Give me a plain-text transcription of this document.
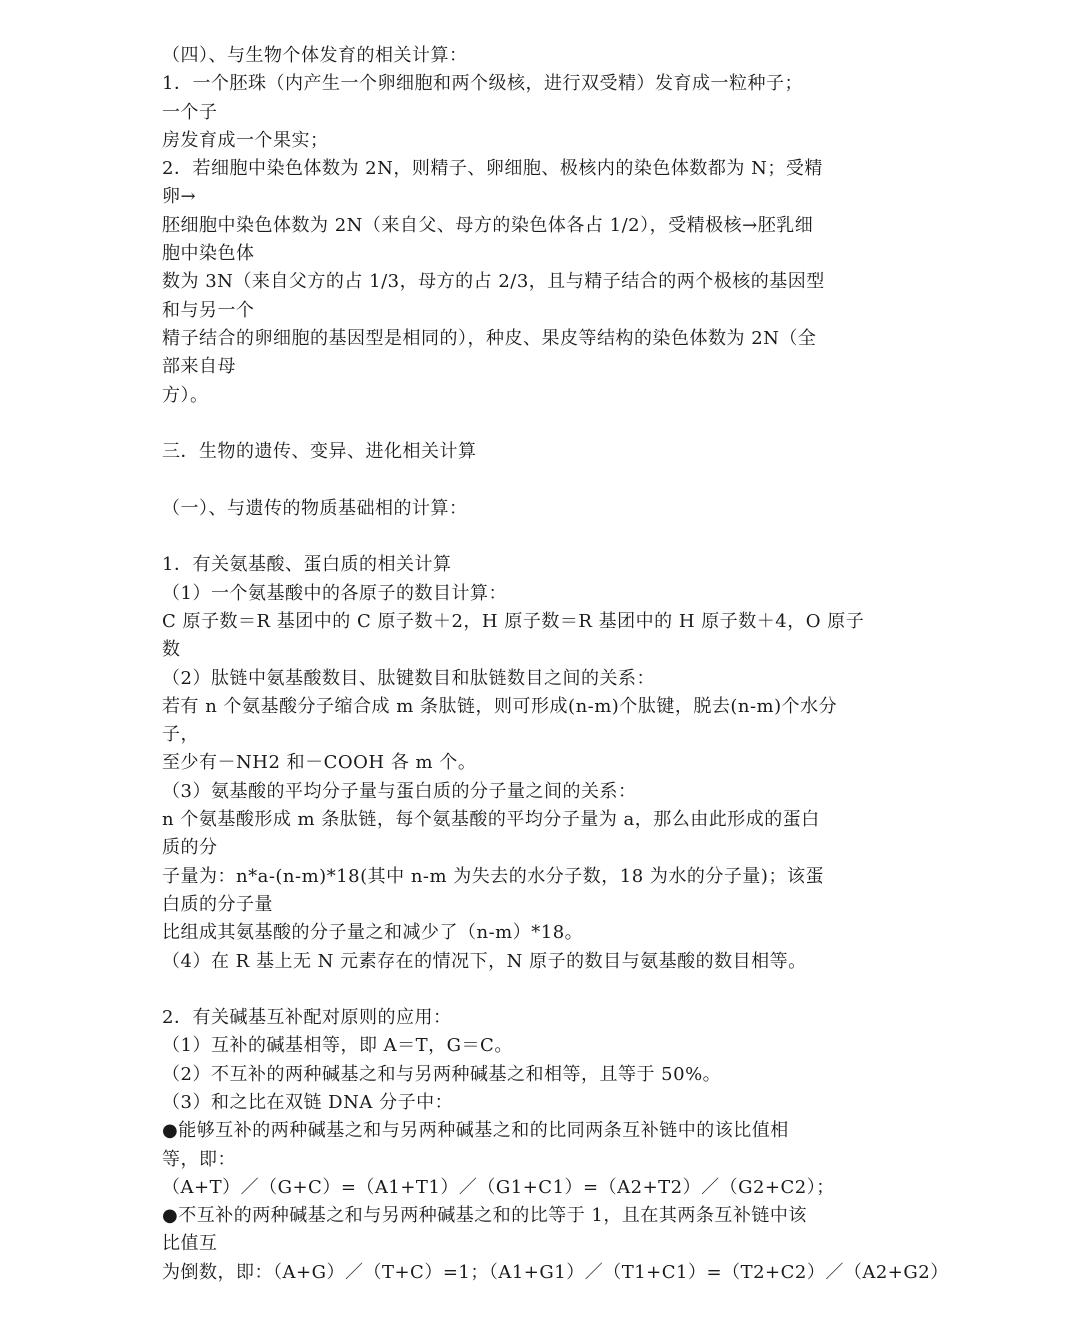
（四）、与生物个体发育的相关计算：
1．一个胚珠（内产生一个卵细胞和两个级核，进行双受精）发育成一粒种子；
一个子
房发育成一个果实；
2．若细胞中染色体数为 2N，则精子、卵细胞、极核内的染色体数都为 N；受精
卵→
胚细胞中染色体数为 2N（来自父、母方的染色体各占 1/2），受精极核→胚乳细
胞中染色体
数为 3N（来自父方的占 1/3，母方的占 2/3，且与精子结合的两个极核的基因型
和与另一个
精子结合的卵细胞的基因型是相同的），种皮、果皮等结构的染色体数为 2N（全
部来自母
方）。
三．生物的遗传、变异、进化相关计算
（一）、与遗传的物质基础相的计算：
1．有关氨基酸、蛋白质的相关计算
（1）一个氨基酸中的各原子的数目计算：
C 原子数＝R 基团中的 C 原子数＋2，H 原子数＝R 基团中的 H 原子数＋4，O 原子
数
（2）肽链中氨基酸数目、肽键数目和肽链数目之间的关系：
若有 n 个氨基酸分子缩合成 m 条肽链，则可形成(n-m)个肽键，脱去(n-m)个水分
子，
至少有－NH2 和－COOH 各 m 个。
（3）氨基酸的平均分子量与蛋白质的分子量之间的关系：
n 个氨基酸形成 m 条肽链，每个氨基酸的平均分子量为 a，那么由此形成的蛋白
质的分
子量为：n*a-(n-m)*18(其中 n-m 为失去的水分子数，18 为水的分子量)；该蛋
白质的分子量
比组成其氨基酸的分子量之和减少了（n-m）*18。
（4）在 R 基上无 N 元素存在的情况下，N 原子的数目与氨基酸的数目相等。
2．有关碱基互补配对原则的应用：
（1）互补的碱基相等，即 A＝T，G＝C。
（2）不互补的两种碱基之和与另两种碱基之和相等，且等于 50%。
（3）和之比在双链 DNA 分子中：
●能够互补的两种碱基之和与另两种碱基之和的比同两条互补链中的该比值相
等，即：
（A+T）／（G+C）=（A1+T1）／（G1+C1）=（A2+T2）／（G2+C2）；
●不互补的两种碱基之和与另两种碱基之和的比等于 1，且在其两条互补链中该
比值互
为倒数，即：（A+G）／（T+C）=1；（A1+G1）／（T1+C1）=（T2+C2）／（A2+G2）
